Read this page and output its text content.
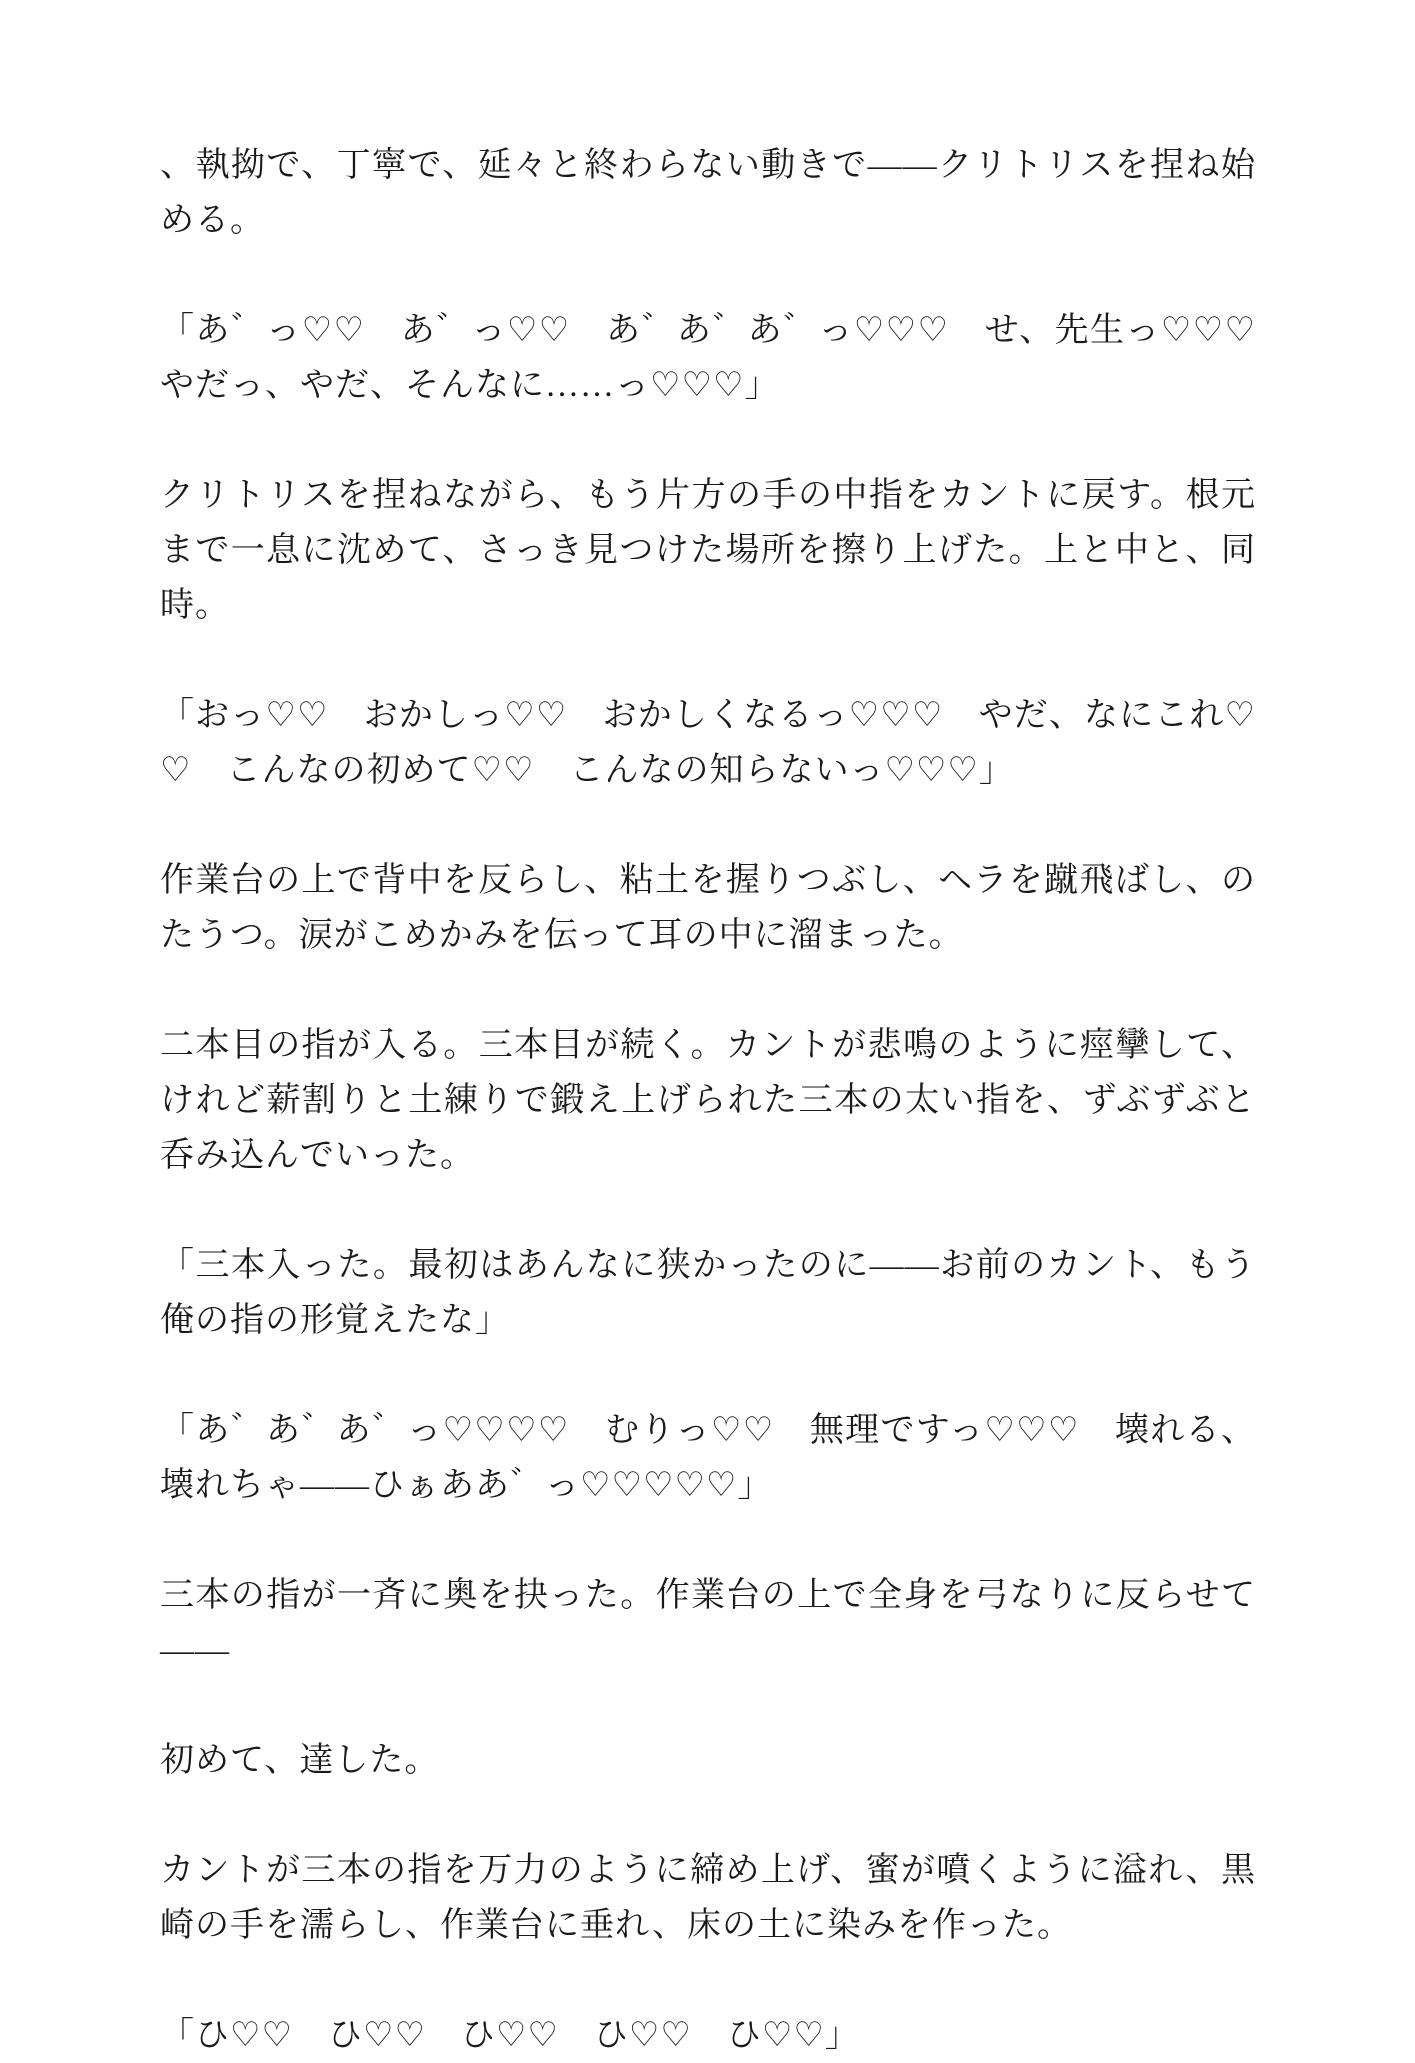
、執拗で、丁寧で、延々と終わらない動きで——クリトリスを捏ね始める。

「あ゛っ♡♡　あ゛っ♡♡　あ゛あ゛あ゛っ♡♡♡　せ、先生っ♡♡♡　やだっ、やだ、そんなに……っ♡♡♡」

クリトリスを捏ねながら、もう片方の手の中指をカントに戻す。根元まで一息に沈めて、さっき見つけた場所を擦り上げた。上と中と、同時。

「おっ♡♡　おかしっ♡♡　おかしくなるっ♡♡♡　やだ、なにこれ♡♡　こんなの初めて♡♡　こんなの知らないっ♡♡♡」

作業台の上で背中を反らし、粘土を握りつぶし、ヘラを蹴飛ばし、のたうつ。涙がこめかみを伝って耳の中に溜まった。

二本目の指が入る。三本目が続く。カントが悲鳴のように痙攣して、けれど薪割りと土練りで鍛え上げられた三本の太い指を、ずぶずぶと呑み込んでいった。

「三本入った。最初はあんなに狭かったのに——お前のカント、もう俺の指の形覚えたな」

「あ゛あ゛あ゛っ♡♡♡♡　むりっ♡♡　無理ですっ♡♡♡　壊れる、壊れちゃ——ひぁああ゛っ♡♡♡♡♡」

三本の指が一斉に奥を抉った。作業台の上で全身を弓なりに反らせて——

初めて、達した。

カントが三本の指を万力のように締め上げ、蜜が噴くように溢れ、黒崎の手を濡らし、作業台に垂れ、床の土に染みを作った。

「ひ♡♡　ひ♡♡　ひ♡♡　ひ♡♡　ひ♡♡」
